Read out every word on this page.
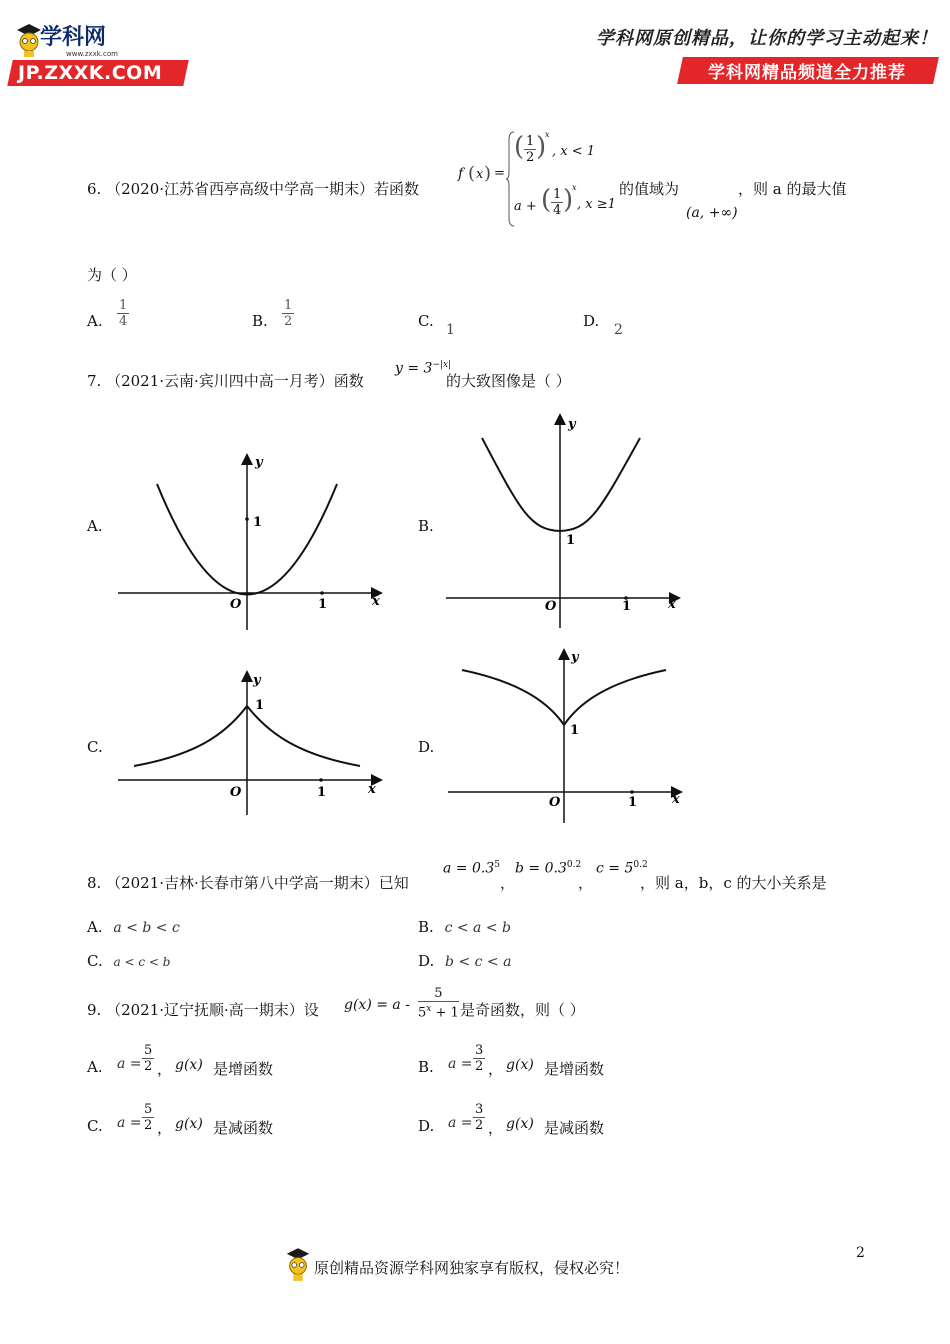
学科网
www.zxxk.com
JP.ZXXK.COM
学科网原创精品，让你的学习主动起来！
学科网精品频道全力推荐
6. （2020·江苏省西亭高级中学高一期末）若函数
f ( x ) =
( $\frac{1}{2}$ )
x
, x < 1
a + ( $\frac{1}{4}$ )
x
, x ≥1
的值域为
(a, +∞)
，则 a 的最大值
为（ ）
A. $\frac{1}{4}$	B. $\frac{1}{2}$	C. 1	D. 2
7. （2021·云南·宾川四中高一月考）函数
$y = 3^{-|x|}$
的大致图像是（ ）
A.	B.
C.	D.
y
x
1
1
O
y
x
1
1
O
y
x
1
1
O
y
x
1
1
O
8. （2021·吉林·长春市第八中学高一期末）已知
$a = 0.3^5$
，
$b = 0.3^{0.2}$
，
$c = 5^{0.2}$
，则 a，b，c 的大小关系是
A. a < b < c	B. c < a < b
C. a < c < b	D. b < c < a
9. （2021·辽宁抚顺·高一期末）设 $g(x) = a - \frac{5}{5^x + 1}$ 是奇函数，则（ ）
A. $a = \frac{5}{2}$ ， g(x) 是增函数	B. $a = \frac{3}{2}$ ， g(x) 是增函数
C. $a = \frac{5}{2}$ ， g(x) 是减函数	D. $a = \frac{3}{2}$ ， g(x) 是减函数
原创精品资源学科网独家享有版权，侵权必究！
2
